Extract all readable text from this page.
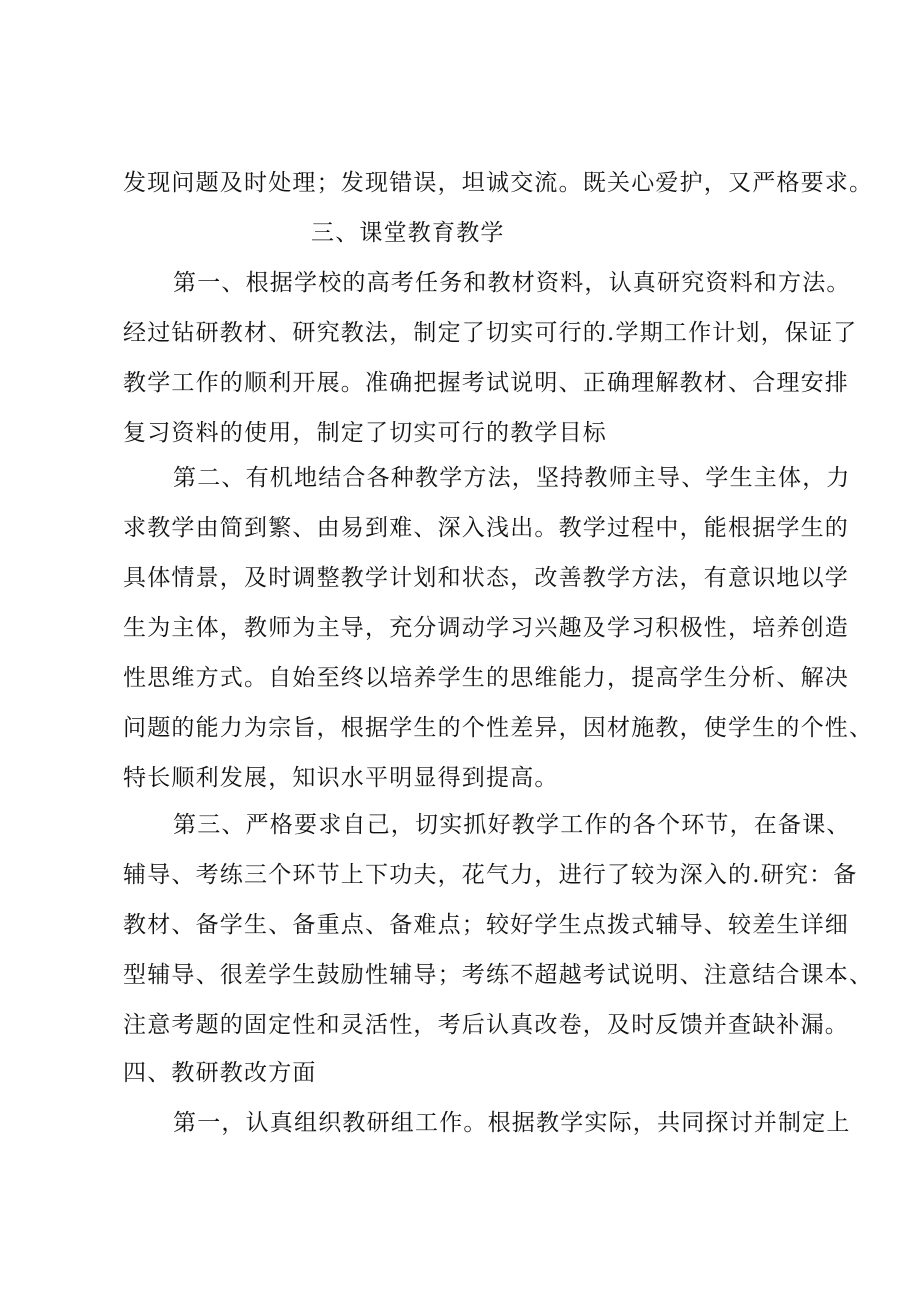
发现问题及时处理；发现错误，坦诚交流。既关心爱护，又严格要求。
三、课堂教育教学
第一、根据学校的高考任务和教材资料，认真研究资料和方法。
经过钻研教材、研究教法，制定了切实可行的.学期工作计划，保证了
教学工作的顺利开展。准确把握考试说明、正确理解教材、合理安排
复习资料的使用，制定了切实可行的教学目标
第二、有机地结合各种教学方法，坚持教师主导、学生主体，力
求教学由简到繁、由易到难、深入浅出。教学过程中，能根据学生的
具体情景，及时调整教学计划和状态，改善教学方法，有意识地以学
生为主体，教师为主导，充分调动学习兴趣及学习积极性，培养创造
性思维方式。自始至终以培养学生的思维能力，提高学生分析、解决
问题的能力为宗旨，根据学生的个性差异，因材施教，使学生的个性、
特长顺利发展，知识水平明显得到提高。
第三、严格要求自己，切实抓好教学工作的各个环节，在备课、
辅导、考练三个环节上下功夫，花气力，进行了较为深入的.研究：备
教材、备学生、备重点、备难点；较好学生点拨式辅导、较差生详细
型辅导、很差学生鼓励性辅导；考练不超越考试说明、注意结合课本、
注意考题的固定性和灵活性，考后认真改卷，及时反馈并查缺补漏。
四、教研教改方面
第一，认真组织教研组工作。根据教学实际，共同探讨并制定上
